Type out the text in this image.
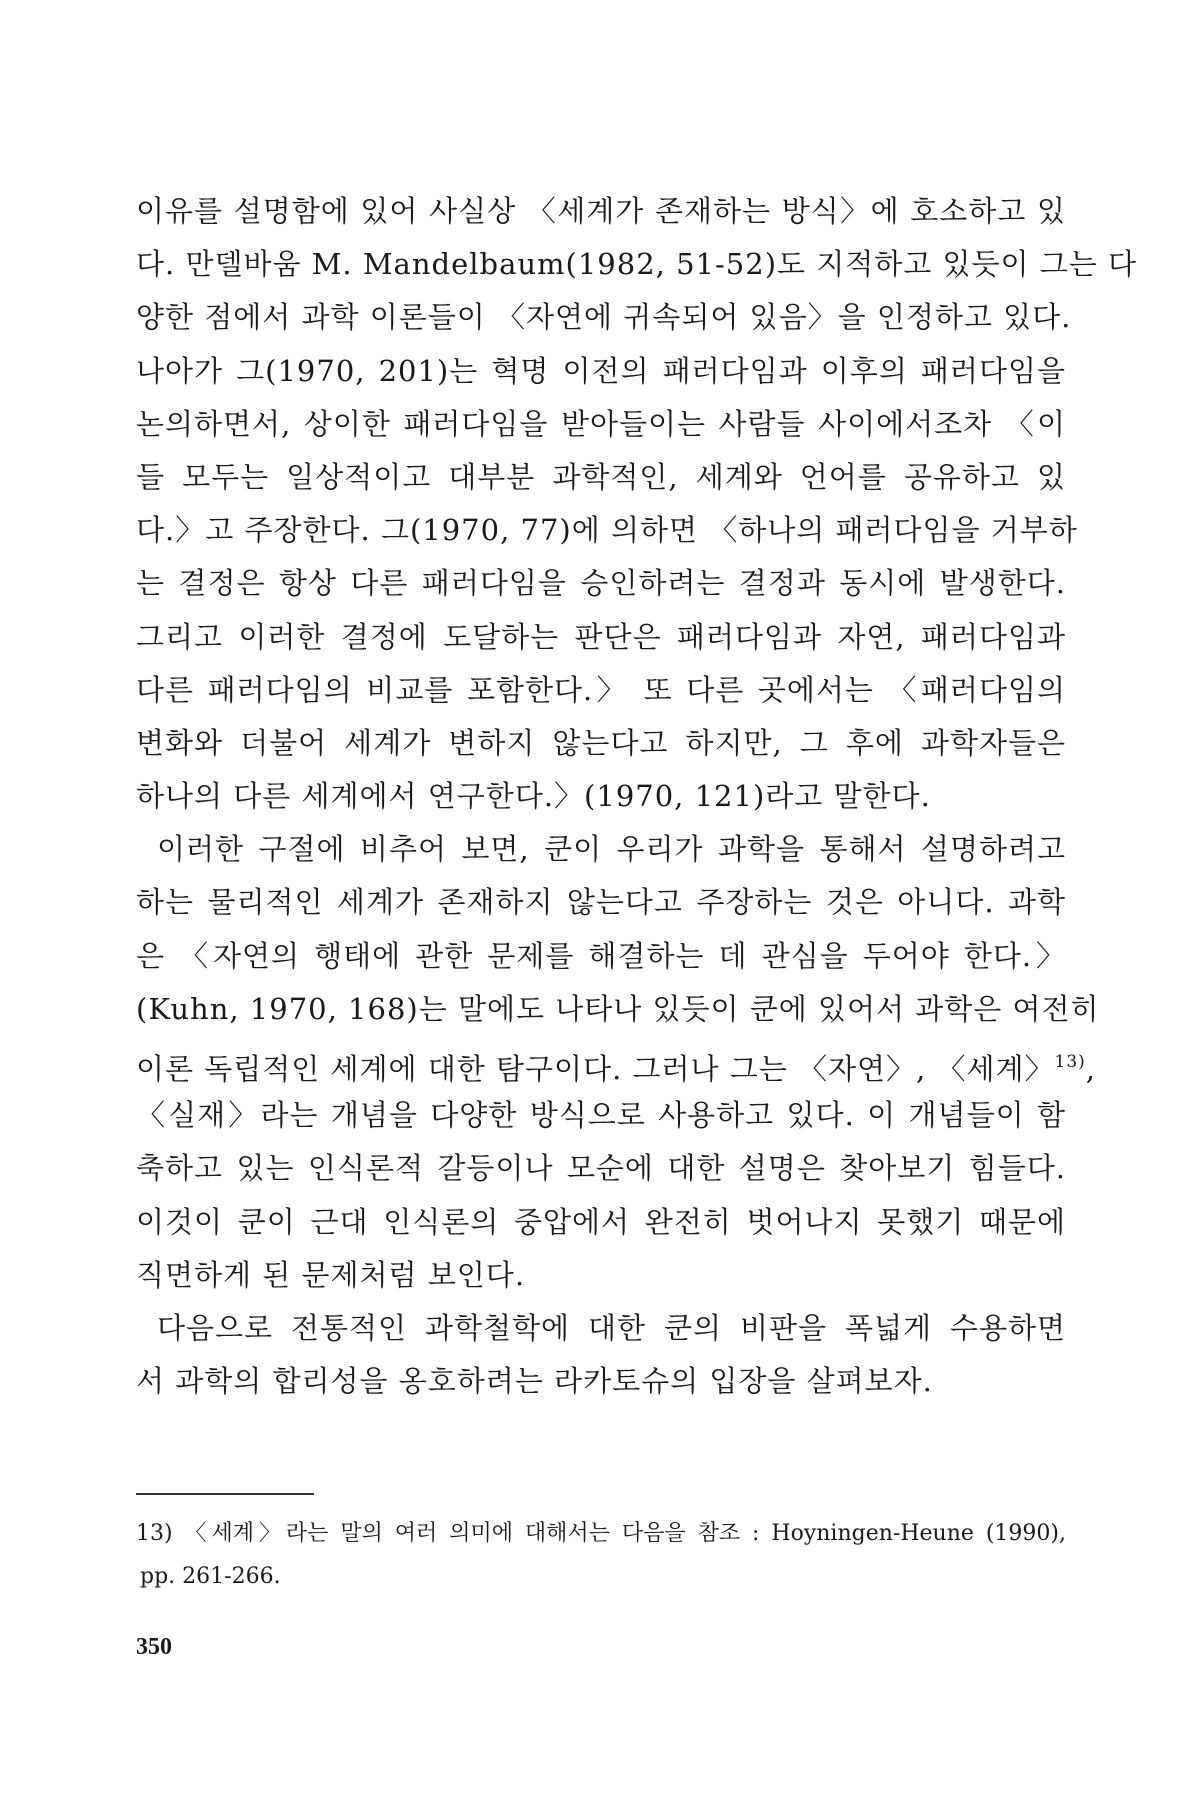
이유를 설명함에 있어 사실상 〈세계가 존재하는 방식〉에 호소하고 있
다. 만델바움 M. Mandelbaum(1982, 51-52)도 지적하고 있듯이 그는 다
양한 점에서 과학 이론들이 〈자연에 귀속되어 있음〉을 인정하고 있다.
나아가 그(1970, 201)는 혁명 이전의 패러다임과 이후의 패러다임을
논의하면서, 상이한 패러다임을 받아들이는 사람들 사이에서조차 〈이
들 모두는 일상적이고 대부분 과학적인, 세계와 언어를 공유하고 있
다.〉고 주장한다. 그(1970, 77)에 의하면 〈하나의 패러다임을 거부하
는 결정은 항상 다른 패러다임을 승인하려는 결정과 동시에 발생한다.
그리고 이러한 결정에 도달하는 판단은 패러다임과 자연, 패러다임과
다른 패러다임의 비교를 포함한다.〉 또 다른 곳에서는 〈패러다임의
변화와 더불어 세계가 변하지 않는다고 하지만, 그 후에 과학자들은
하나의 다른 세계에서 연구한다.〉(1970, 121)라고 말한다.
이러한 구절에 비추어 보면, 쿤이 우리가 과학을 통해서 설명하려고
하는 물리적인 세계가 존재하지 않는다고 주장하는 것은 아니다. 과학
은 〈자연의 행태에 관한 문제를 해결하는 데 관심을 두어야 한다.〉
(Kuhn, 1970, 168)는 말에도 나타나 있듯이 쿤에 있어서 과학은 여전히
이론 독립적인 세계에 대한 탐구이다. 그러나 그는 〈자연〉, 〈세계〉$^{13)}$,
〈실재〉라는 개념을 다양한 방식으로 사용하고 있다. 이 개념들이 함
축하고 있는 인식론적 갈등이나 모순에 대한 설명은 찾아보기 힘들다.
이것이 쿤이 근대 인식론의 중압에서 완전히 벗어나지 못했기 때문에
직면하게 된 문제처럼 보인다.
다음으로 전통적인 과학철학에 대한 쿤의 비판을 폭넓게 수용하면
서 과학의 합리성을 옹호하려는 라카토슈의 입장을 살펴보자.
13) 〈세계〉라는 말의 여러 의미에 대해서는 다음을 참조 : Hoyningen-Heune (1990),
pp. 261-266.
350
